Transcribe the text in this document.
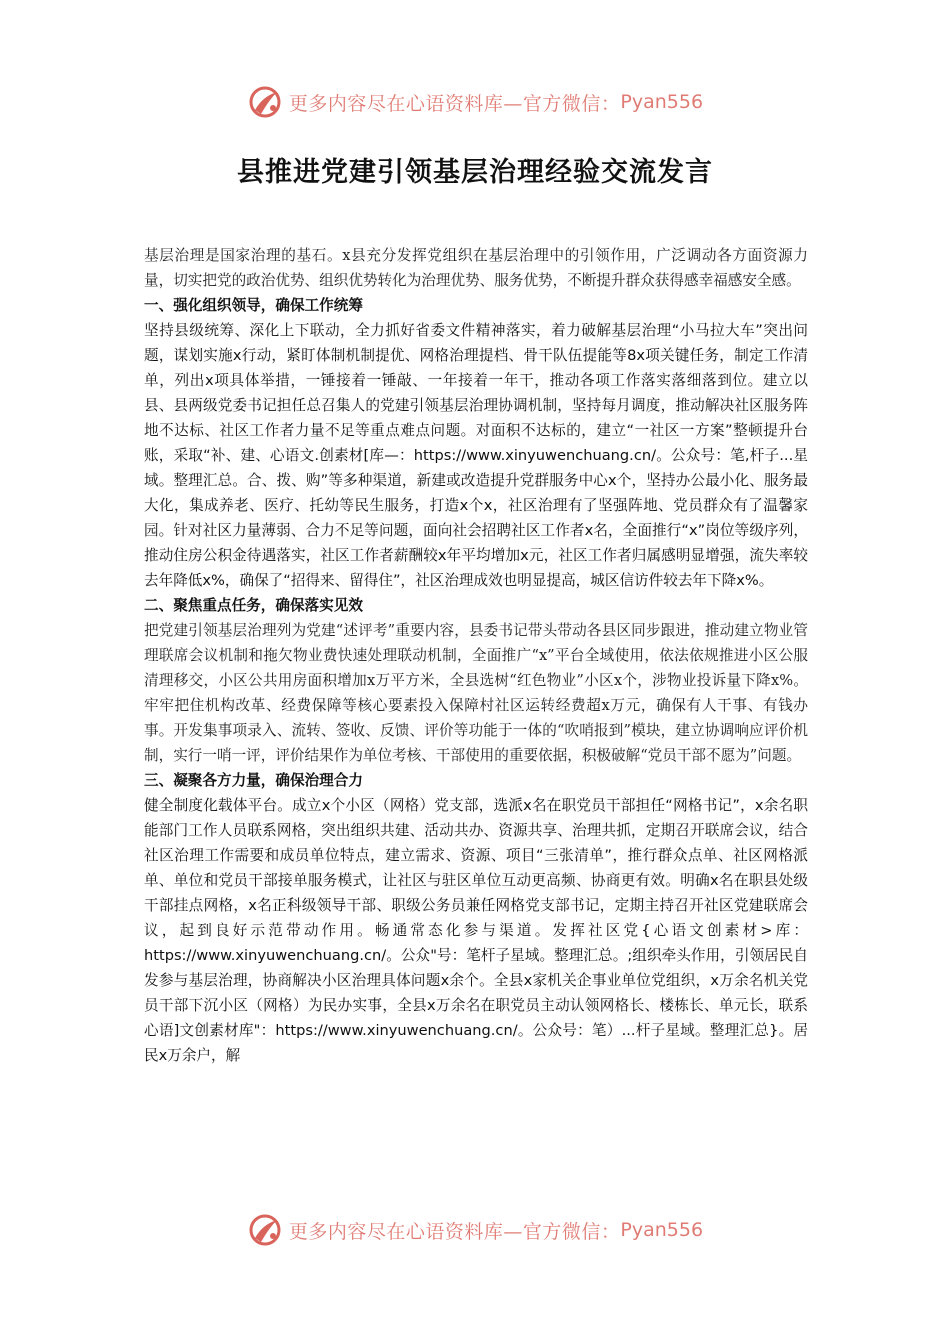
更多内容尽在心语资料库—官方微信： Pyan556
县推进党建引领基层治理经验交流发言

基层治理是国家治理的基石。x县充分发挥党组织在基层治理中的引领作用，广泛调动各方面资源力量，切实把党的政治优势、组织优势转化为治理优势、服务优势，不断提升群众获得感幸福感安全感。

一、强化组织领导，确保工作统筹

坚持县级统筹、深化上下联动，全力抓好省委文件精神落实，着力破解基层治理“小马拉大车”突出问题，谋划实施x行动，紧盯体制机制提优、网格治理提档、骨干队伍提能等8x项关键任务，制定工作清单，列出x项具体举措，一锤接着一锤敲、一年接着一年干，推动各项工作落实落细落到位。建立以县、县两级党委书记担任总召集人的党建引领基层治理协调机制，坚持每月调度，推动解决社区服务阵地不达标、社区工作者力量不足等重点难点问题。对面积不达标的，建立“一社区一方案”整顿提升台账，采取“补、建、心语文.创素材[库—：https://www.xinyuwenchuang.cn/。公众号：笔,杆子...星域。整理汇总。合、拨、购”等多种渠道，新建或改造提升党群服务中心x个，坚持办公最小化、服务最大化，集成养老、医疗、托幼等民生服务，打造x个x，社区治理有了坚强阵地、党员群众有了温馨家园。针对社区力量薄弱、合力不足等问题，面向社会招聘社区工作者x名，全面推行“x”岗位等级序列，推动住房公积金待遇落实，社区工作者薪酬较x年平均增加x元，社区工作者归属感明显增强，流失率较去年降低x%，确保了“招得来、留得住”，社区治理成效也明显提高，城区信访件较去年下降x%。

二、聚焦重点任务，确保落实见效

把党建引领基层治理列为党建“述评考”重要内容，县委书记带头带动各县区同步跟进，推动建立物业管理联席会议机制和拖欠物业费快速处理联动机制，全面推广“x”平台全域使用，依法依规推进小区公服清理移交，小区公共用房面积增加x万平方米，全县选树“红色物业”小区x个，涉物业投诉量下降x%。牢牢把住机构改革、经费保障等核心要素投入保障村社区运转经费超x万元，确保有人干事、有钱办事。开发集事项录入、流转、签收、反馈、评价等功能于一体的“吹哨报到”模块，建立协调响应评价机制，实行一哨一评，评价结果作为单位考核、干部使用的重要依据，积极破解“党员干部不愿为”问题。

三、凝聚各方力量，确保治理合力

健全制度化载体平台。成立x个小区（网格）党支部，选派x名在职党员干部担任“网格书记”，x余名职能部门工作人员联系网格，突出组织共建、活动共办、资源共享、治理共抓，定期召开联席会议，结合社区治理工作需要和成员单位特点，建立需求、资源、项目“三张清单”，推行群众点单、社区网格派单、单位和党员干部接单服务模式，让社区与驻区单位互动更高频、协商更有效。明确x名在职县处级干部挂点网格，x名正科级领导干部、职级公务员兼任网格党支部书记，定期主持召开社区党建联席会议，起到良好示范带动作用。畅通常态化参与渠道。发挥社区党{心语文创素材>库：https://www.xinyuwenchuang.cn/。公众"号：笔杆子星域。整理汇总。;组织牵头作用，引领居民自发参与基层治理，协商解决小区治理具体问题x余个。全县x家机关企事业单位党组织，x万余名机关党员干部下沉小区（网格）为民办实事，全县x万余名在职党员主动认领网格长、楼栋长、单元长，联系心语]文创素材库"：https://www.xinyuwenchuang.cn/。公众号：笔）...杆子星域。整理汇总}。居民x万余户，解

更多内容尽在心语资料库—官方微信： Pyan556
